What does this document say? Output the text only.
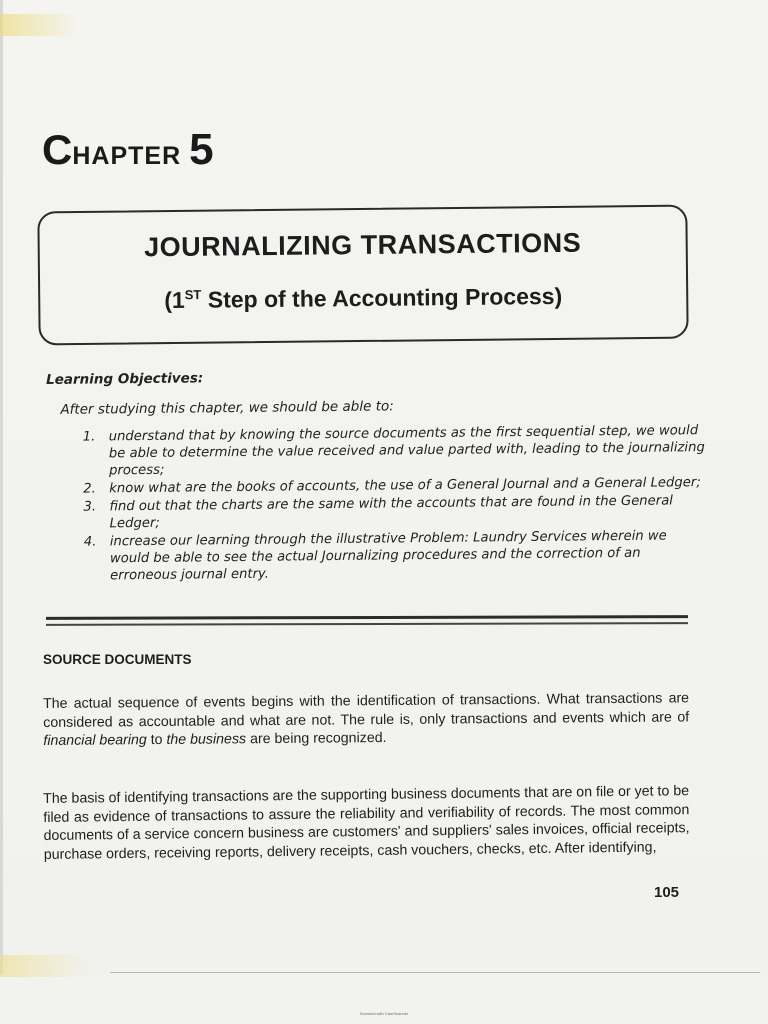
CHAPTER 5
JOURNALIZING TRANSACTIONS
(1ST Step of the Accounting Process)
Learning Objectives:
After studying this chapter, we should be able to:
1. understand that by knowing the source documents as the first sequential step, we would be able to determine the value received and value parted with, leading to the journalizing process;
2. know what are the books of accounts, the use of a General Journal and a General Ledger;
3. find out that the charts are the same with the accounts that are found in the General Ledger;
4. increase our learning through the illustrative Problem: Laundry Services wherein we would be able to see the actual Journalizing procedures and the correction of an erroneous journal entry.
SOURCE DOCUMENTS

The actual sequence of events begins with the identification of transactions. What transactions are considered as accountable and what are not. The rule is, only transactions and events which are of financial bearing to the business are being recognized.

The basis of identifying transactions are the supporting business documents that are on file or yet to be filed as evidence of transactions to assure the reliability and verifiability of records. The most common documents of a service concern business are customers' and suppliers' sales invoices, official receipts, purchase orders, receiving reports, delivery receipts, cash vouchers, checks, etc. After identifying,

105
Scanned with CamScanner
